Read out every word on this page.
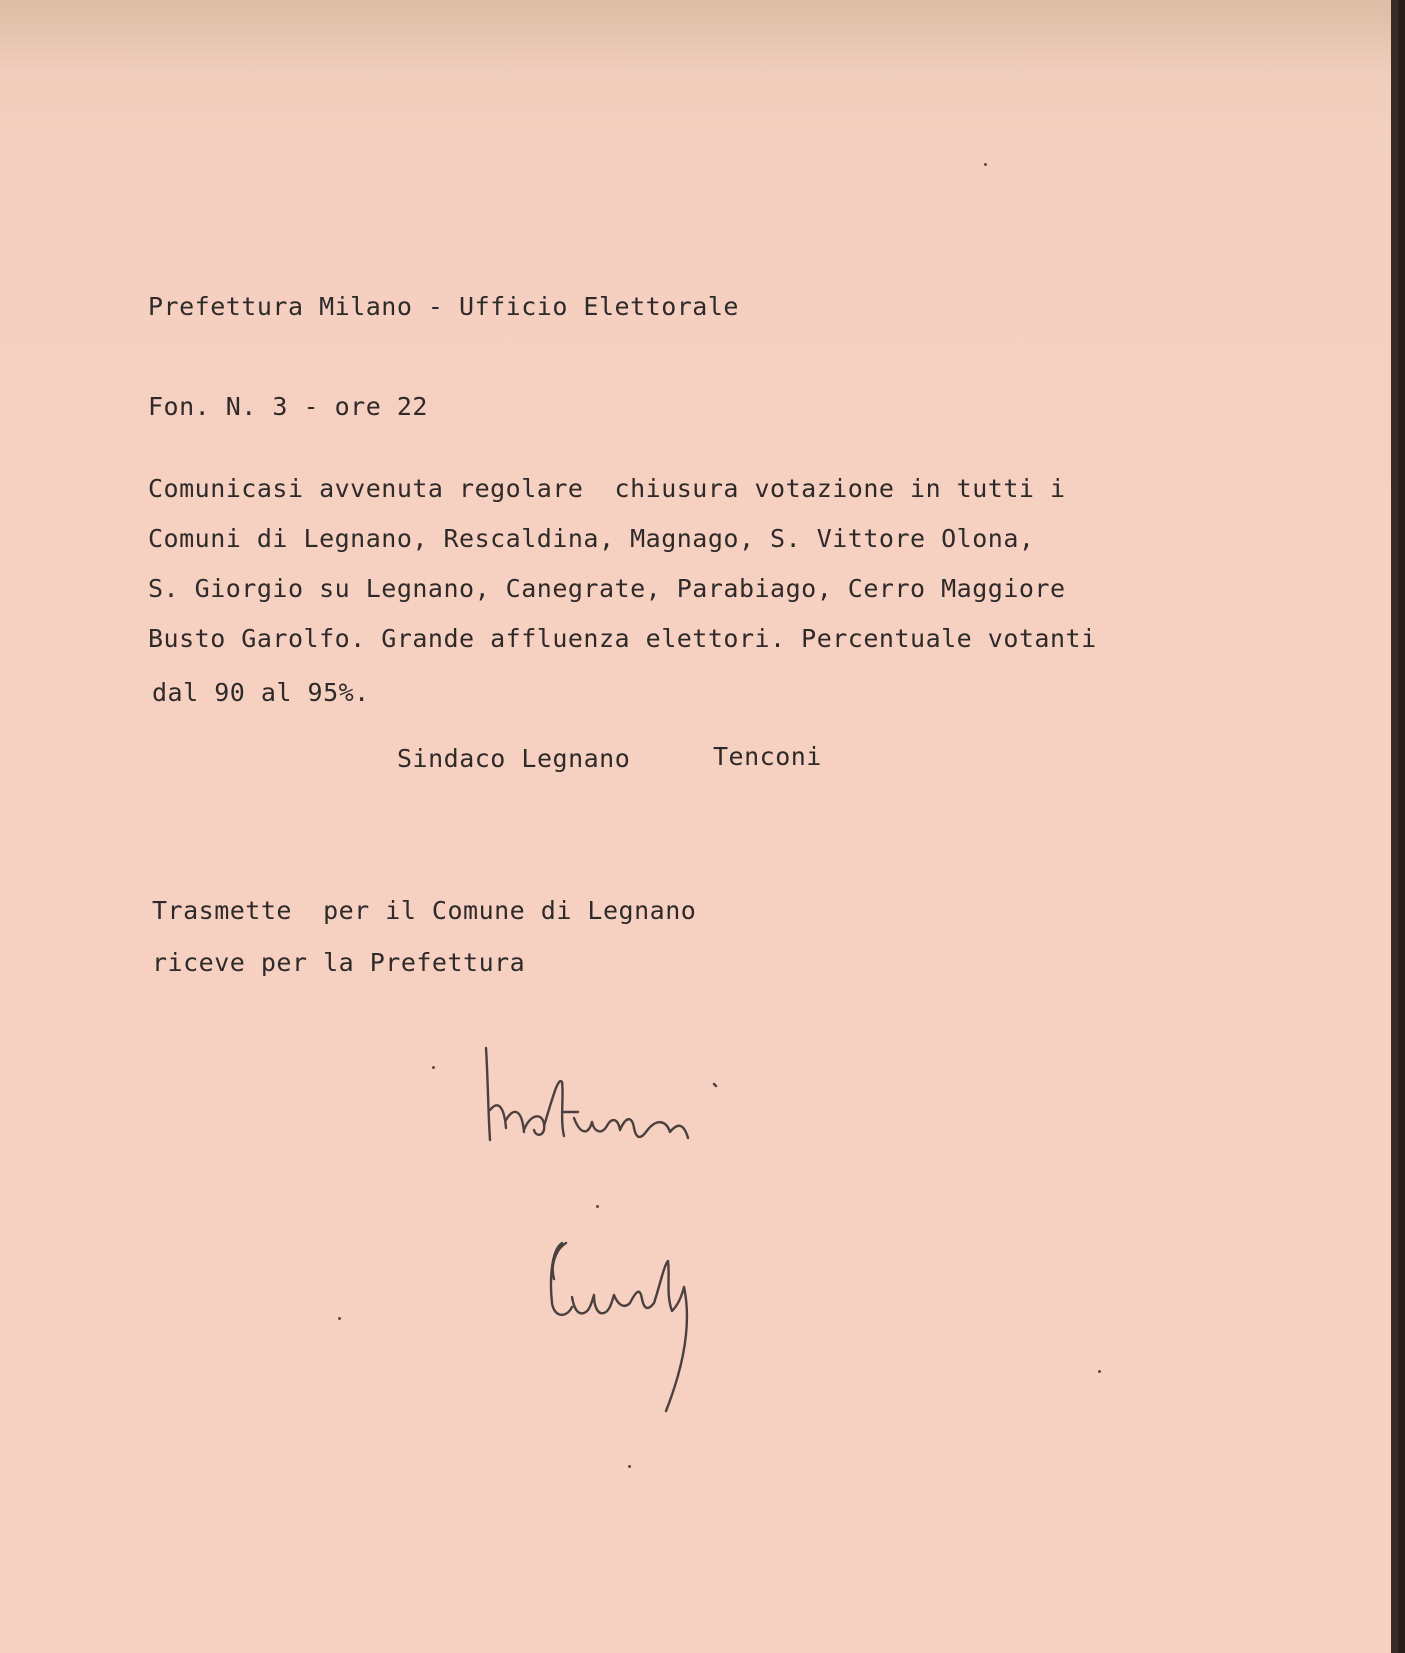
Prefettura Milano - Ufficio Elettorale
Fon. N. 3 - ore 22
Comunicasi avvenuta regolare  chiusura votazione in tutti i
Comuni di Legnano, Rescaldina, Magnago, S. Vittore Olona,
S. Giorgio su Legnano, Canegrate, Parabiago, Cerro Maggiore
Busto Garolfo. Grande affluenza elettori. Percentuale votanti
dal 90 al 95%.
Sindaco Legnano	Tenconi
Trasmette  per il Comune di Legnano
riceve per la Prefettura
